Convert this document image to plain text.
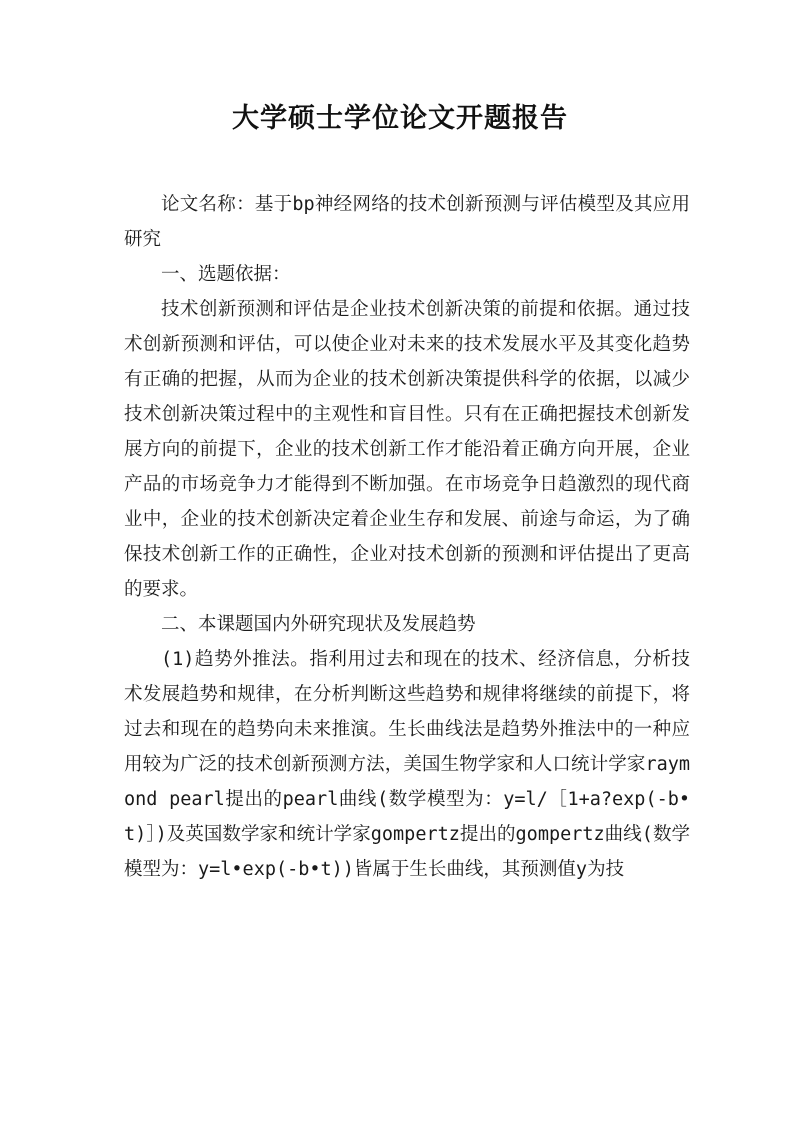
大学硕士学位论文开题报告

论文名称：基于bp神经网络的技术创新预测与评估模型及其应用研究

一、选题依据：

技术创新预测和评估是企业技术创新决策的前提和依据。通过技术创新预测和评估，可以使企业对未来的技术发展水平及其变化趋势有正确的把握，从而为企业的技术创新决策提供科学的依据，以减少技术创新决策过程中的主观性和盲目性。只有在正确把握技术创新发展方向的前提下，企业的技术创新工作才能沿着正确方向开展，企业产品的市场竞争力才能得到不断加强。在市场竞争日趋激烈的现代商业中，企业的技术创新决定着企业生存和发展、前途与命运，为了确保技术创新工作的正确性，企业对技术创新的预测和评估提出了更高的要求。

二、本课题国内外研究现状及发展趋势

(1)趋势外推法。指利用过去和现在的技术、经济信息，分析技术发展趋势和规律，在分析判断这些趋势和规律将继续的前提下，将过去和现在的趋势向未来推演。生长曲线法是趋势外推法中的一种应用较为广泛的技术创新预测方法，美国生物学家和人口统计学家raymond pearl提出的pearl曲线(数学模型为：y=l/［1+a?exp(-b•t)］)及英国数学家和统计学家gompertz提出的gompertz曲线(数学模型为：y=l•exp(-b•t))皆属于生长曲线，其预测值y为技
